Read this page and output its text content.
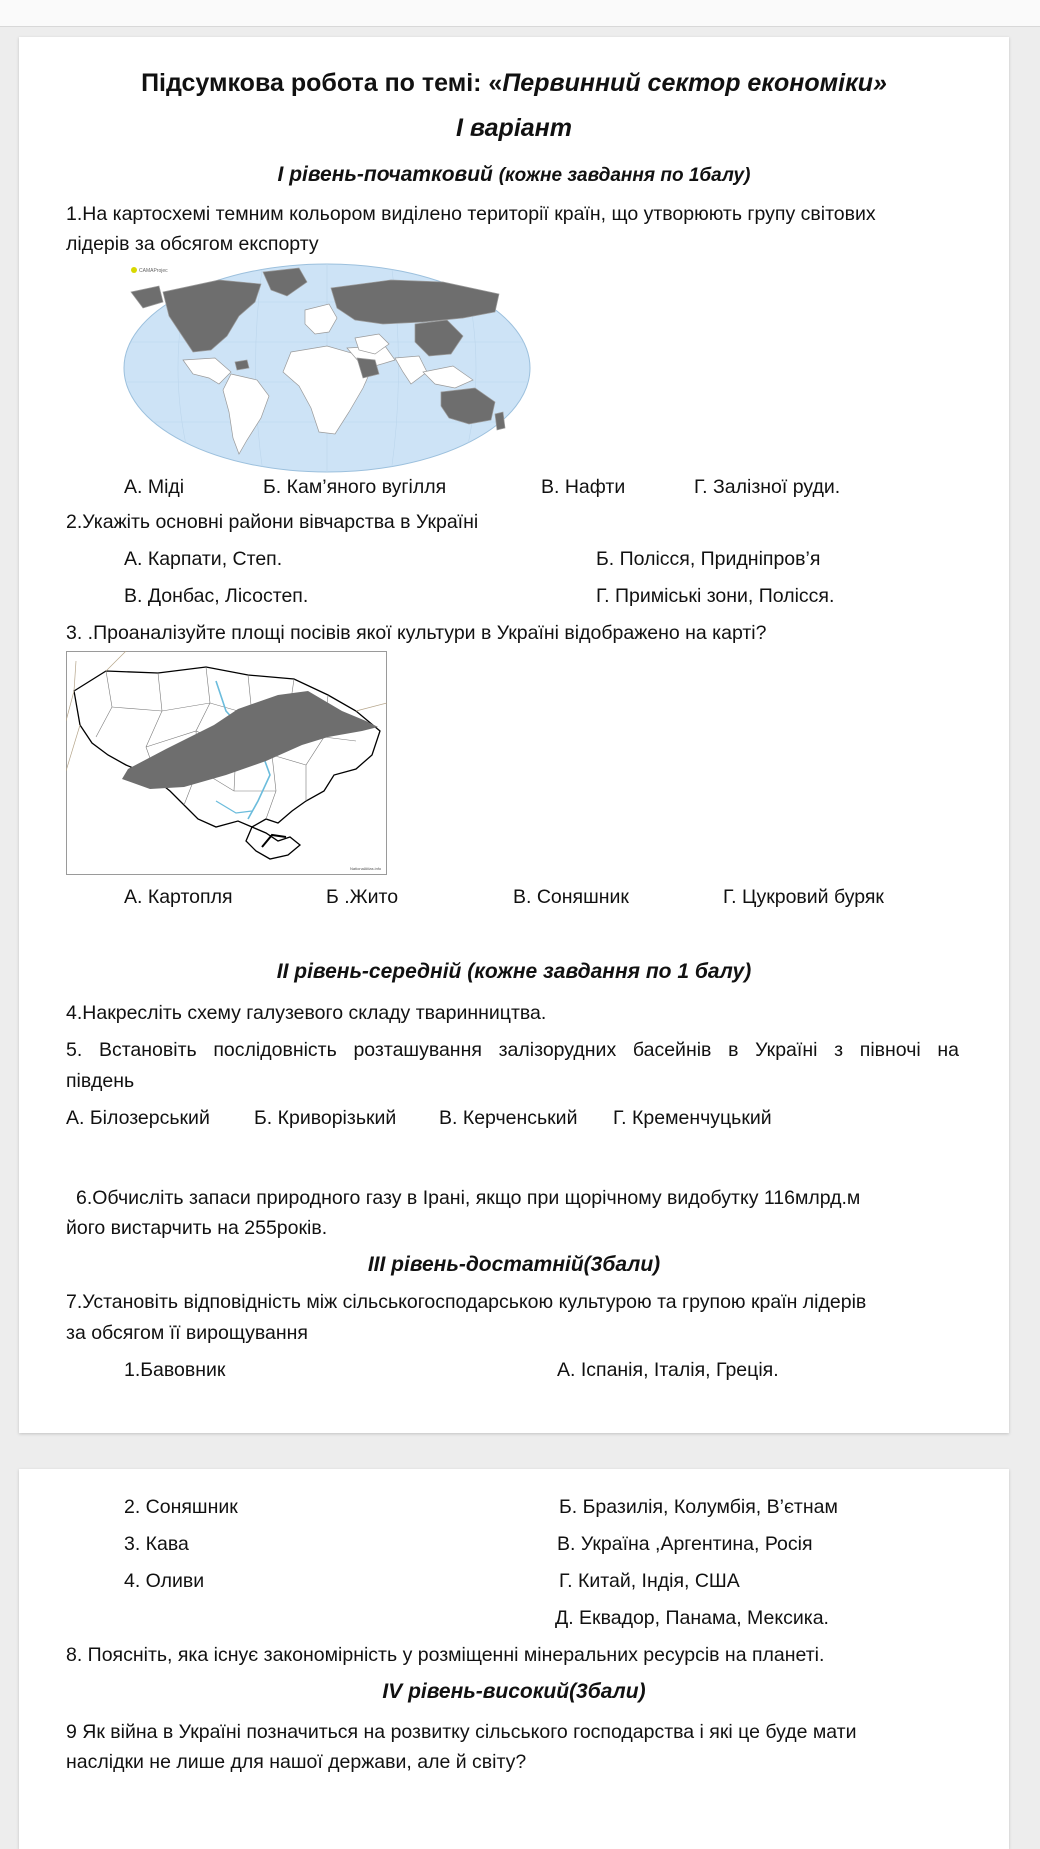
Підсумкова робота по темі: «Первинний сектор економіки»
І варіант
І рівень-початковий (кожне завдання по 1балу)
1.На картосхемі темним кольором виділено території країн, що утворюють групу світових
лідерів за обсягом експорту
CAMAProjec
А. Міді	Б. Кам’яного вугілля	В. Нафти	Г. Залізної руди.
2.Укажіть основні райони вівчарства в Україні
А. Карпати, Степ.	Б. Полісся, Придніпров’я
В. Донбас, Лісостеп.	Г. Приміські зони, Полісся.
3. .Проаналізуйте площі посівів якої культури в Україні відображено на карті?
NationalAtlas.info
А. Картопля	Б .Жито	В. Соняшник	Г. Цукровий буряк
ІІ рівень-середній (кожне завдання по 1 балу)
4.Накресліть схему галузевого складу тваринництва.
5. Встановіть послідовність розташування залізорудних басейнів в Україні з півночі на
південь
А. Білозерський Б. Криворізький В. Керченський Г. Кременчуцький
6.Обчисліть запаси природного газу в Ірані, якщо при щорічному видобутку 116млрд.м
його вистарчить на 255років.
ІІІ рівень-достатній(3бали)
7.Установіть відповідність між сільськогосподарською культурою та групою країн лідерів
за обсягом її вирощування
1.Бавовник	А. Іспанія, Італія, Греція.
2. Соняшник	Б. Бразилія, Колумбія, В’єтнам
3. Кава	В. Україна ,Аргентина, Росія
4. Оливи	Г. Китай, Індія, США
Д. Еквадор, Панама, Мексика.
8. Поясніть, яка існує закономірність у розміщенні мінеральних ресурсів на планеті.
IV рівень-високий(3бали)
9 Як війна в Україні позначиться на розвитку сільського господарства і які це буде мати
наслідки не лише для нашої держави, але й світу?
